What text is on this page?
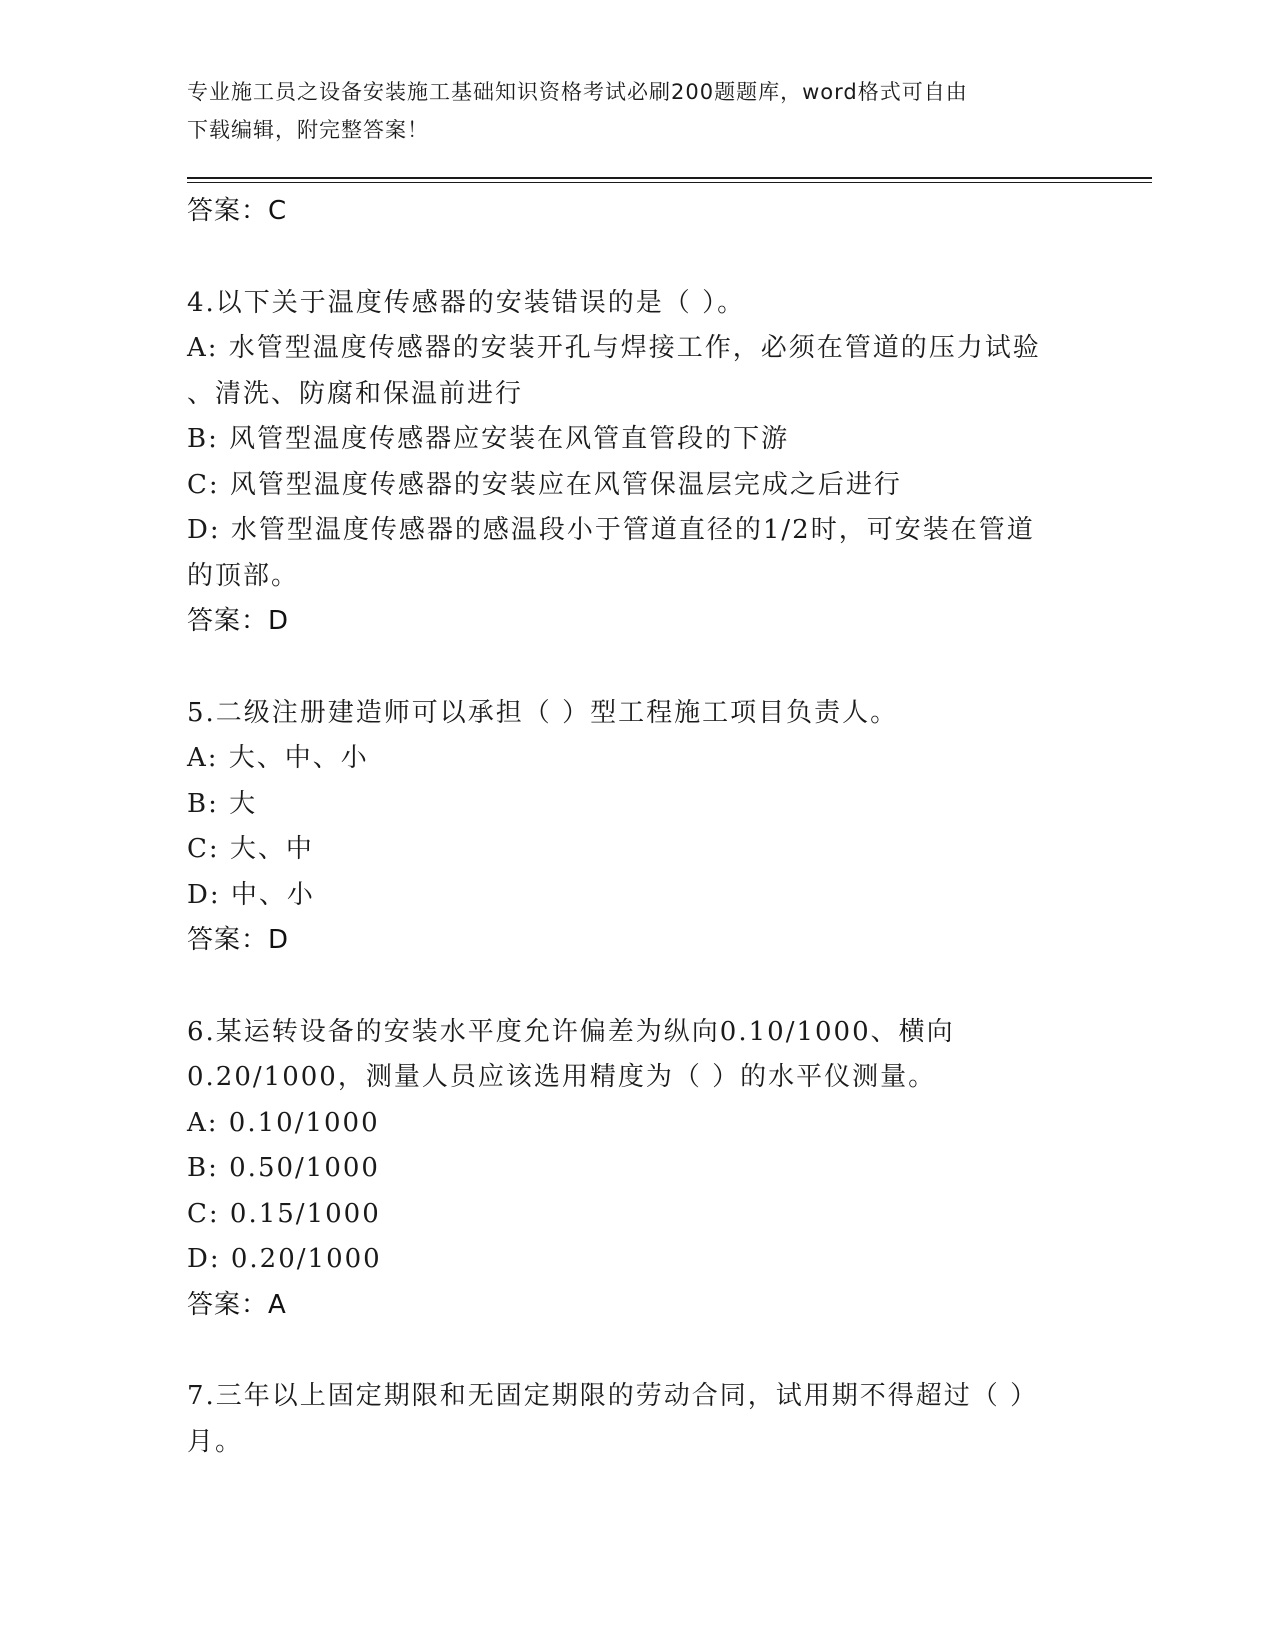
专业施工员之设备安装施工基础知识资格考试必刷200题题库，word格式可自由
下载编辑，附完整答案！
答案：C
4.以下关于温度传感器的安装错误的是（ ）。
A: 水管型温度传感器的安装开孔与焊接工作，必须在管道的压力试验
、清洗、防腐和保温前进行
B: 风管型温度传感器应安装在风管直管段的下游
C: 风管型温度传感器的安装应在风管保温层完成之后进行
D: 水管型温度传感器的感温段小于管道直径的1/2时，可安装在管道
的顶部。
答案：D
5.二级注册建造师可以承担（ ）型工程施工项目负责人。
A: 大、中、小
B: 大
C: 大、中
D: 中、小
答案：D
6.某运转设备的安装水平度允许偏差为纵向0.10/1000、横向
0.20/1000，测量人员应该选用精度为（ ）的水平仪测量。
A: 0.10/1000
B: 0.50/1000
C: 0.15/1000
D: 0.20/1000
答案：A
7.三年以上固定期限和无固定期限的劳动合同，试用期不得超过（ ）
月。
